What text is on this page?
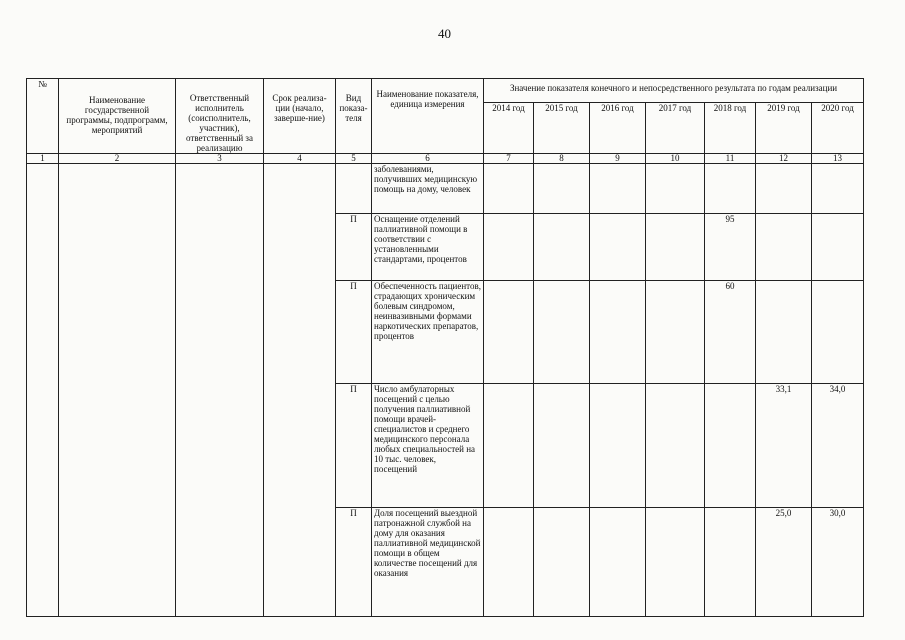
40
№	Наименование государственной программы, подпрограмм, мероприятий	Ответственный исполнитель (соисполнитель, участник), ответственный за реализацию	Срок реализа-ции (начало, заверше-ние)	Вид показа-теля	Наименование показателя, единица измерения	Значение показателя конечного и непосредственного результата по годам реализации						
						2014 год	2015 год	2016 год	2017 год	2018 год	2019 год	2020 год
1	2	3	4	5	6	7	8	9	10	11	12	13
					заболеваниями, получивших медицинскую помощь на дому, человек							
				П	Оснащение отделений паллиативной помощи в соответствии с установленными стандартами, процентов					95		
				П	Обеспеченность пациентов, страдающих хроническим болевым синдромом, неинвазивными формами наркотических препаратов, процентов					60		
				П	Число амбулаторных посещений с целью получения паллиативной помощи врачей-специалистов и среднего медицинского персонала любых специальностей на 10 тыс. человек, посещений						33,1	34,0
				П	Доля посещений выездной патронажной службой на дому для оказания паллиативной медицинской помощи в общем количестве посещений для оказания						25,0	30,0
